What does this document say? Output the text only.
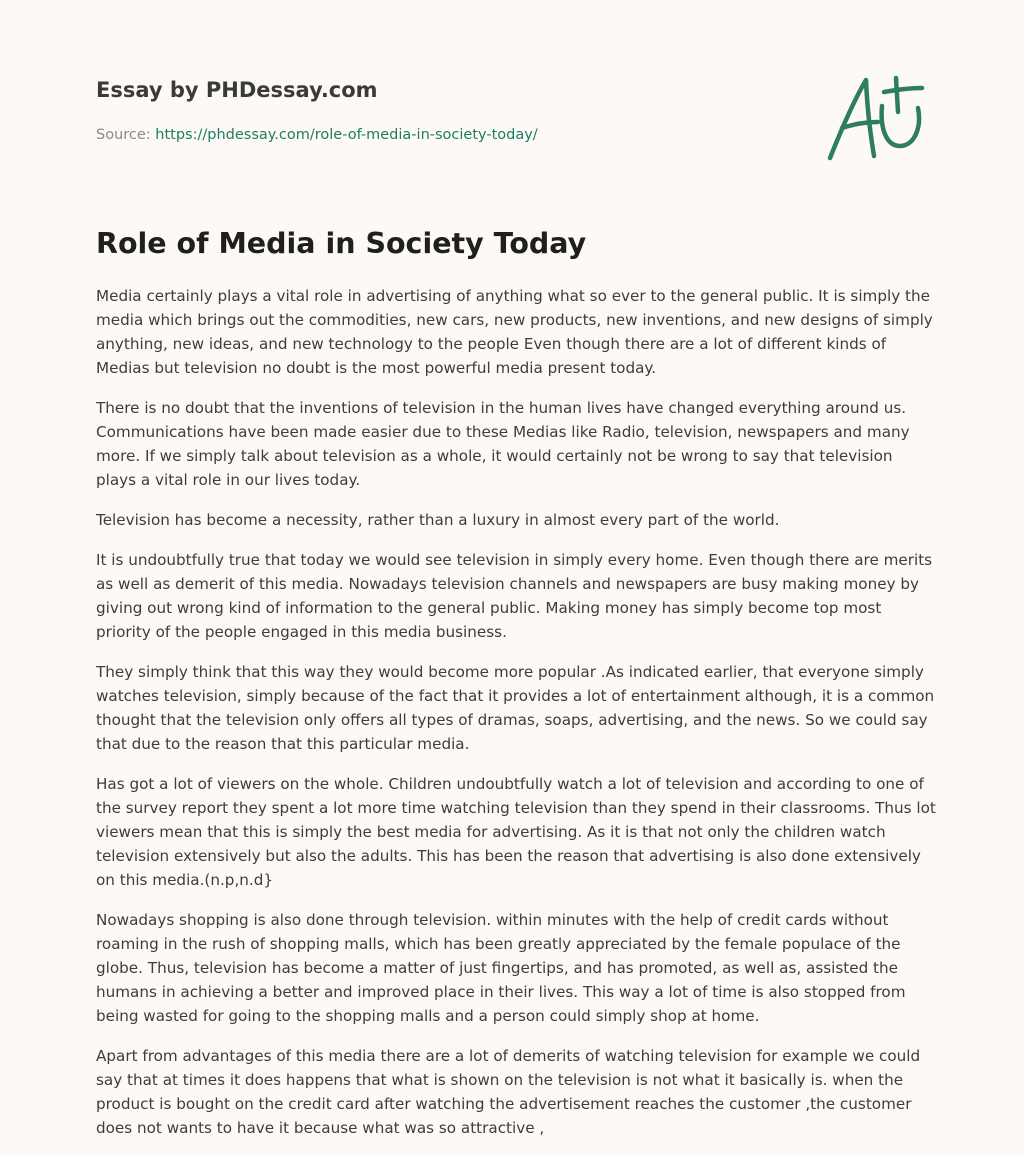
Essay by PHDessay.com
Source: https://phdessay.com/role-of-media-in-society-today/
Role of Media in Society Today

Media certainly plays a vital role in advertising of anything what so ever to the general public. It is simply the media which brings out the commodities, new cars, new products, new inventions, and new designs of simply anything, new ideas, and new technology to the people Even though there are a lot of different kinds of Medias but television no doubt is the most powerful media present today.

There is no doubt that the inventions of television in the human lives have changed everything around us. Communications have been made easier due to these Medias like Radio, television, newspapers and many more. If we simply talk about television as a whole, it would certainly not be wrong to say that television plays a vital role in our lives today.

Television has become a necessity, rather than a luxury in almost every part of the world.

It is undoubtfully true that today we would see television in simply every home. Even though there are merits as well as demerit of this media. Nowadays television channels and newspapers are busy making money by giving out wrong kind of information to the general public. Making money has simply become top most priority of the people engaged in this media business.

They simply think that this way they would become more popular .As indicated earlier, that everyone simply watches television, simply because of the fact that it provides a lot of entertainment although, it is a common thought that the television only offers all types of dramas, soaps, advertising, and the news. So we could say that due to the reason that this particular media.

Has got a lot of viewers on the whole. Children undoubtfully watch a lot of television and according to one of the survey report they spent a lot more time watching television than they spend in their classrooms. Thus lot viewers mean that this is simply the best media for advertising. As it is that not only the children watch television extensively but also the adults. This has been the reason that advertising is also done extensively on this media.(n.p,n.d}

Nowadays shopping is also done through television. within minutes with the help of credit cards without roaming in the rush of shopping malls, which has been greatly appreciated by the female populace of the globe. Thus, television has become a matter of just fingertips, and has promoted, as well as, assisted the humans in achieving a better and improved place in their lives. This way a lot of time is also stopped from being wasted for going to the shopping malls and a person could simply shop at home.

Apart from advantages of this media there are a lot of demerits of watching television for example we could say that at times it does happens that what is shown on the television is not what it basically is. when the product is bought on the credit card after watching the advertisement reaches the customer ,the customer does not wants to have it because what was so attractive ,
